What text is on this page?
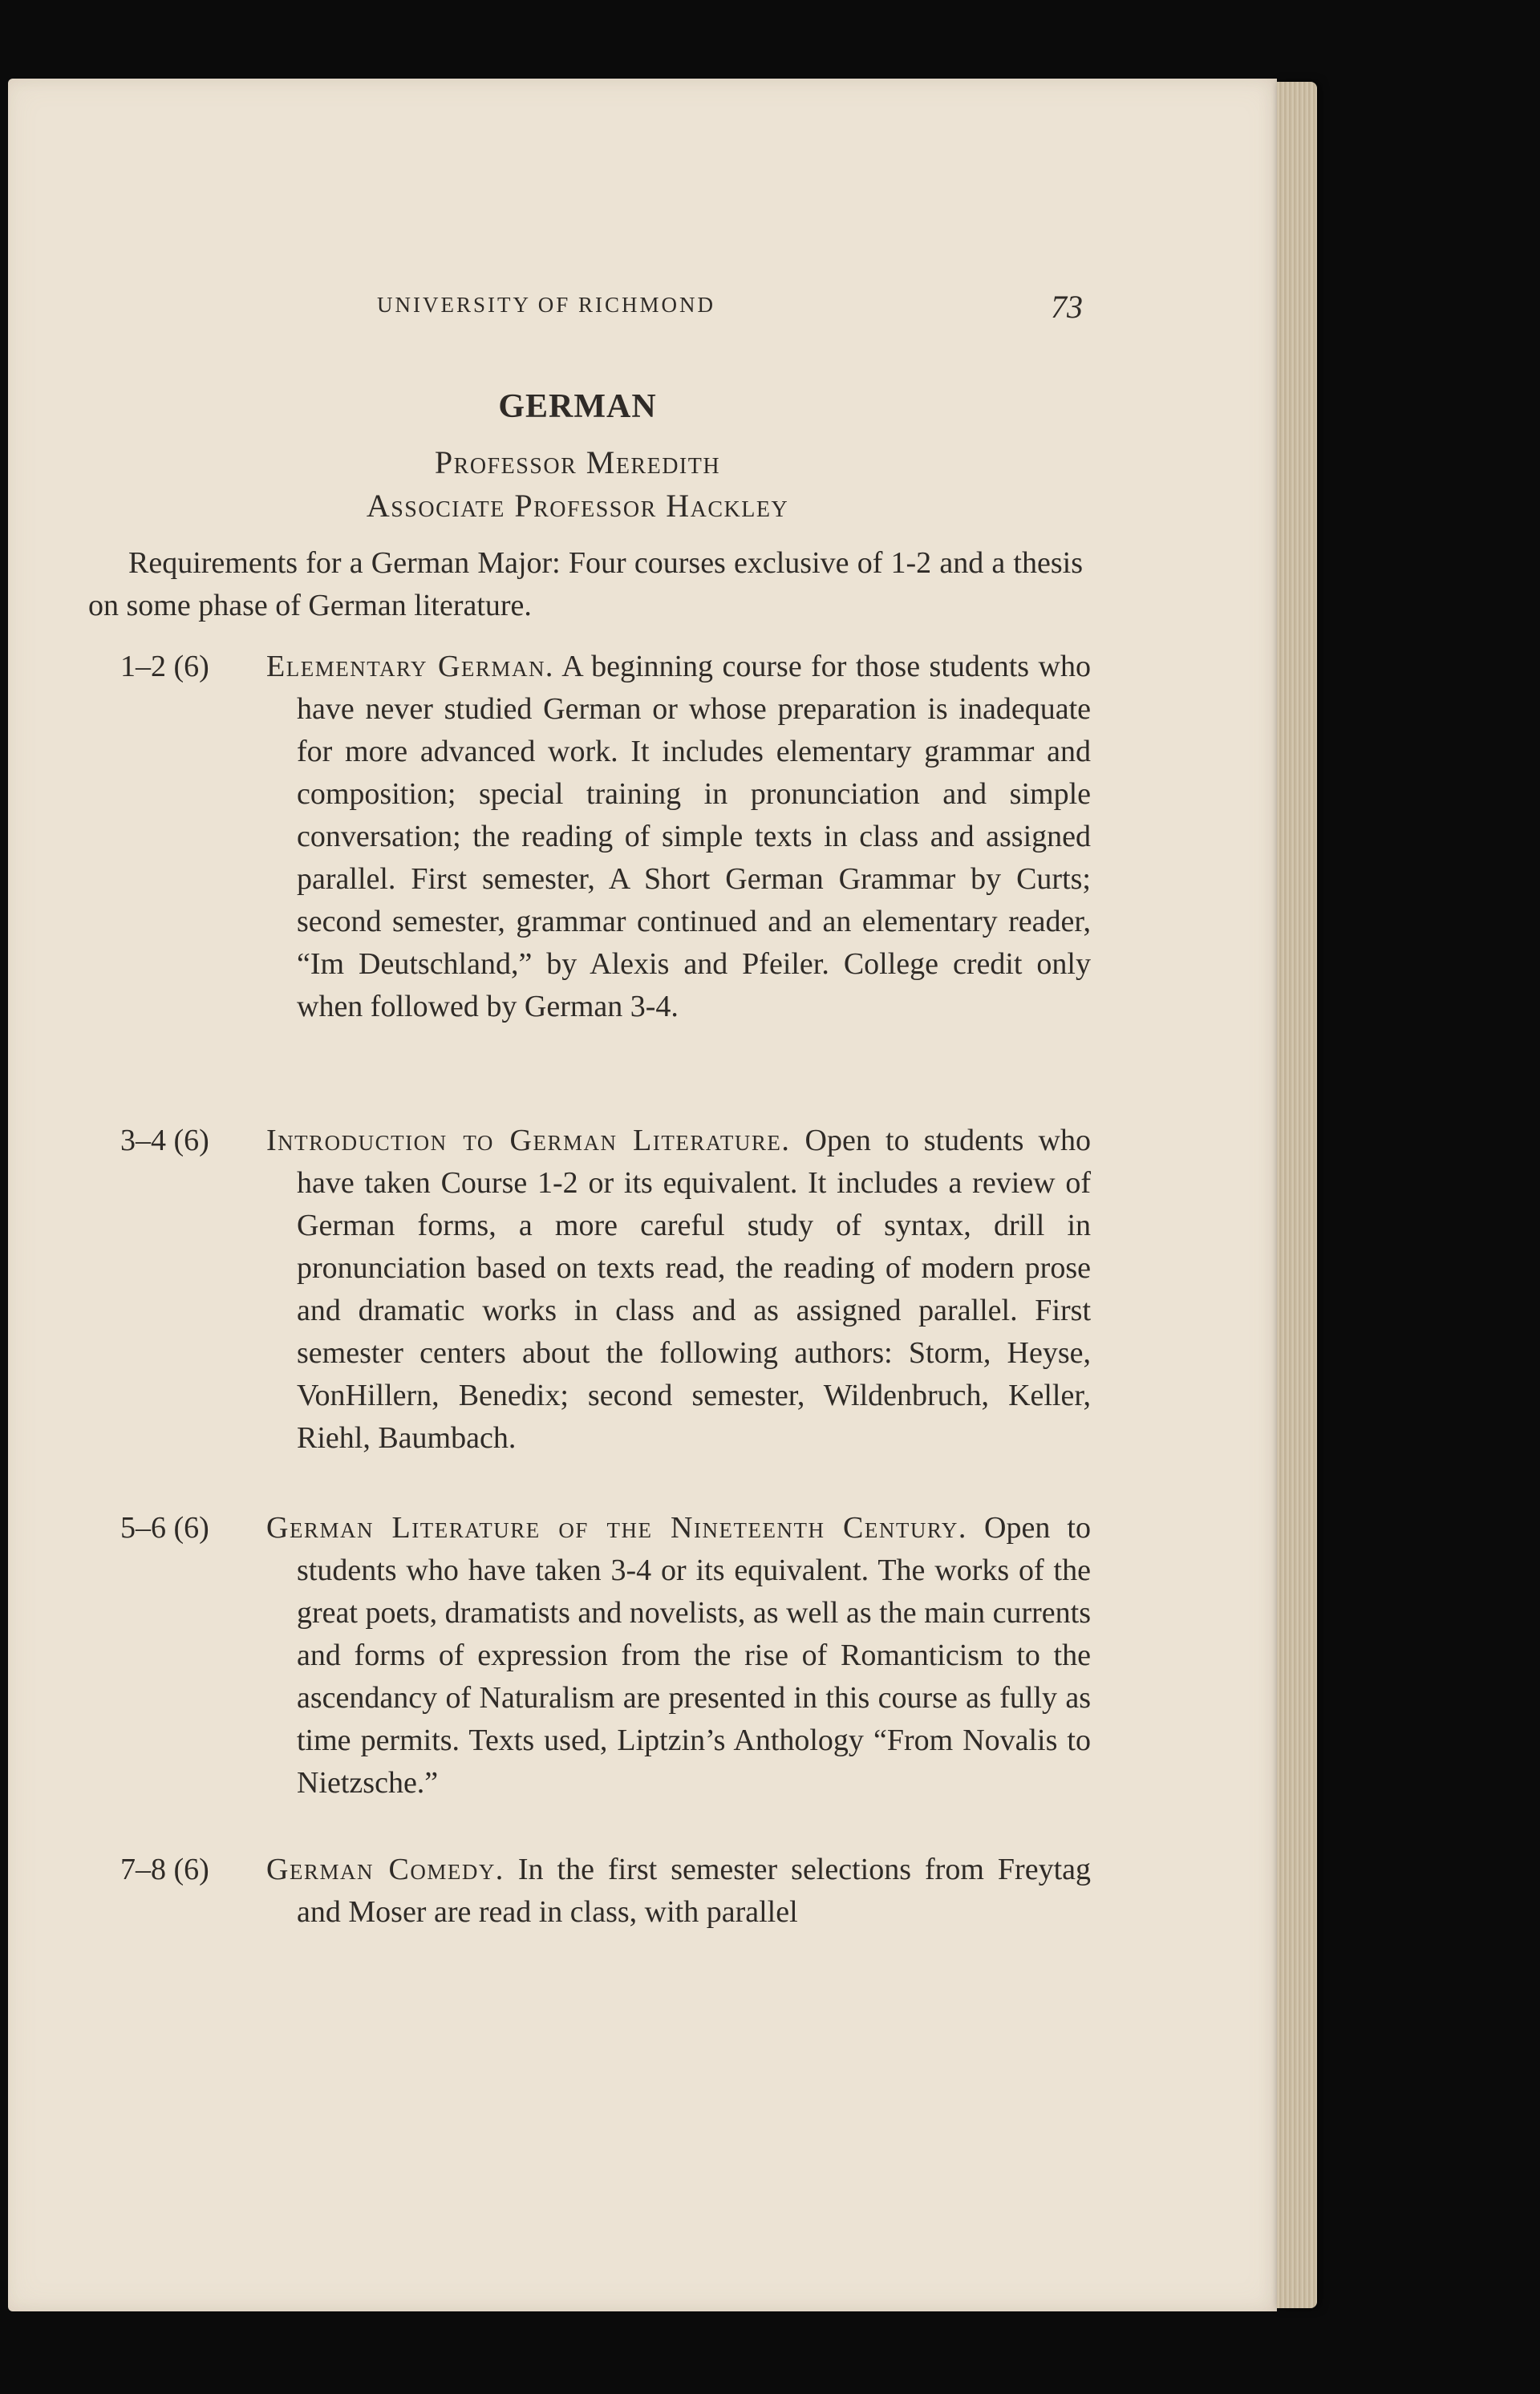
UNIVERSITY OF RICHMOND	73
GERMAN
Professor Meredith
Associate Professor Hackley
Requirements for a German Major: Four courses exclusive of 1-2 and a thesis on some phase of German literature.
1–2 (6)	Elementary German. A beginning course for those students who have never studied German or whose preparation is inadequate for more advanced work. It includes elementary grammar and composition; special training in pronunciation and simple conversation; the reading of simple texts in class and assigned parallel. First semester, A Short German Grammar by Curts; second semester, grammar continued and an elementary reader, “Im Deutschland,” by Alexis and Pfeiler. College credit only when followed by German 3-4.
3–4 (6)	Introduction to German Literature. Open to students who have taken Course 1-2 or its equivalent. It includes a review of German forms, a more careful study of syntax, drill in pronunciation based on texts read, the reading of modern prose and dramatic works in class and as assigned parallel. First semester centers about the following authors: Storm, Heyse, VonHillern, Benedix; second semester, Wildenbruch, Keller, Riehl, Baumbach.
5–6 (6)	German Literature of the Nineteenth Century. Open to students who have taken 3-4 or its equivalent. The works of the great poets, dramatists and novelists, as well as the main currents and forms of expression from the rise of Romanticism to the ascendancy of Naturalism are presented in this course as fully as time permits. Texts used, Liptzin’s Anthology “From Novalis to Nietzsche.”
7–8 (6)	German Comedy. In the first semester selections from Freytag and Moser are read in class, with parallel
